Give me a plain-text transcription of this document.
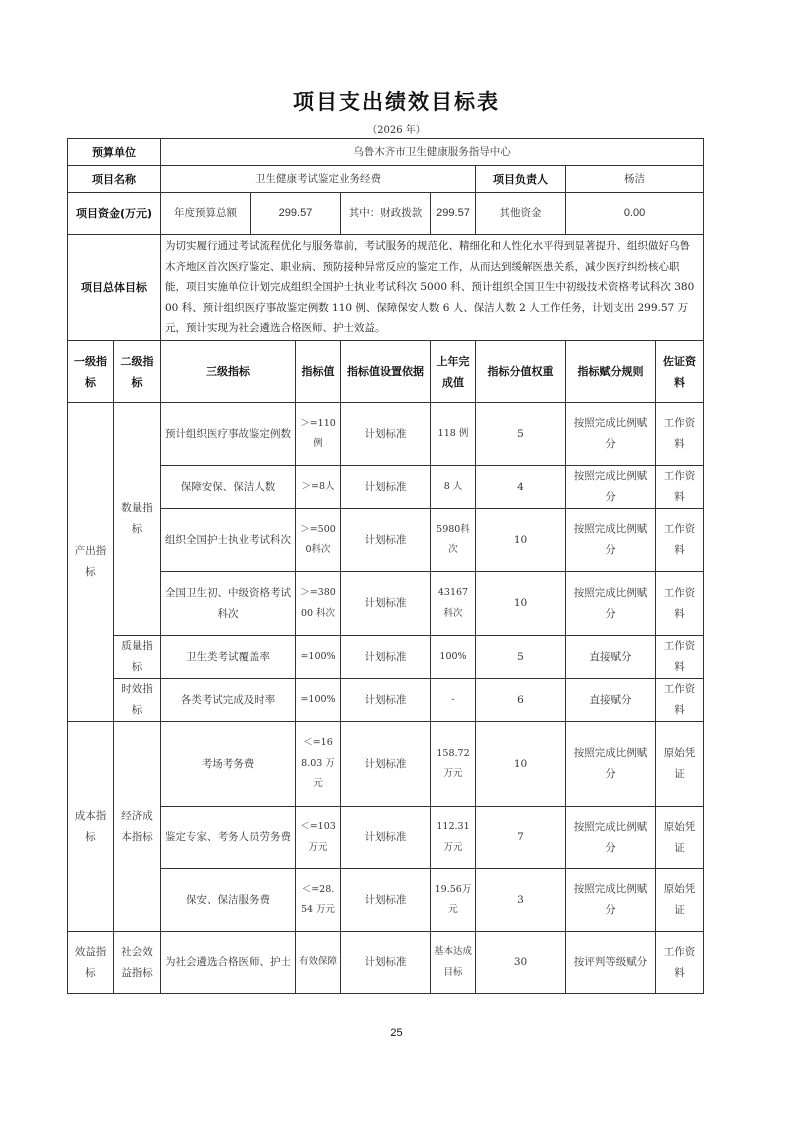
项目支出绩效目标表
（2026 年）
预算单位		乌鲁木齐市卫生健康服务指导中心							
项目名称		卫生健康考试鉴定业务经费					项目负责人	杨洁	
项目资金(万元)		年度预算总额	299.57		其中：财政拨款	299.57	其他资金	0.00	
项目总体目标		为切实履行通过考试流程优化与服务靠前，考试服务的规范化、精细化和人性化水平得到显著提升、组织做好乌鲁木齐地区首次医疗鉴定、职业病、预防接种异常反应的鉴定工作，从而达到缓解医患关系，减少医疗纠纷核心职能，项目实施单位计划完成组织全国护士执业考试科次 5000 科、预计组织全国卫生中初级技术资格考试科次 38000 科、预计组织医疗事故鉴定例数 110 例、保障保安人数 6 人、保洁人数 2 人工作任务，计划支出 299.57 万元，预计实现为社会遴选合格医师、护士效益。							
一级指标	二级指标	三级指标		指标值	指标值设置依据	上年完成值	指标分值权重	指标赋分规则	佐证资料
产出指标	数量指标	预计组织医疗事故鉴定例数		＞=110例	计划标准	118 例	5	按照完成比例赋分	工作资料
		保障安保、保洁人数		＞=8人	计划标准	8 人	4	按照完成比例赋分	工作资料
		组织全国护士执业考试科次		＞=5000科次	计划标准	5980科次	10	按照完成比例赋分	工作资料
		全国卫生初、中级资格考试科次		＞=38000 科次	计划标准	43167科次	10	按照完成比例赋分	工作资料
	质量指标	卫生类考试覆盖率		=100%	计划标准	100%	5	直接赋分	工作资料
	时效指标	各类考试完成及时率		=100%	计划标准	-	6	直接赋分	工作资料
成本指标	经济成本指标	考场考务费		＜=168.03 万元	计划标准	158.72 万元	10	按照完成比例赋分	原始凭证
		鉴定专家、考务人员劳务费		＜=103万元	计划标准	112.31 万元	7	按照完成比例赋分	原始凭证
		保安、保洁服务费		＜=28.54 万元	计划标准	19.56万元	3	按照完成比例赋分	原始凭证
效益指标	社会效益指标	为社会遴选合格医师、护士		有效保障	计划标准	基本达成目标	30	按评判等级赋分	工作资料
25
